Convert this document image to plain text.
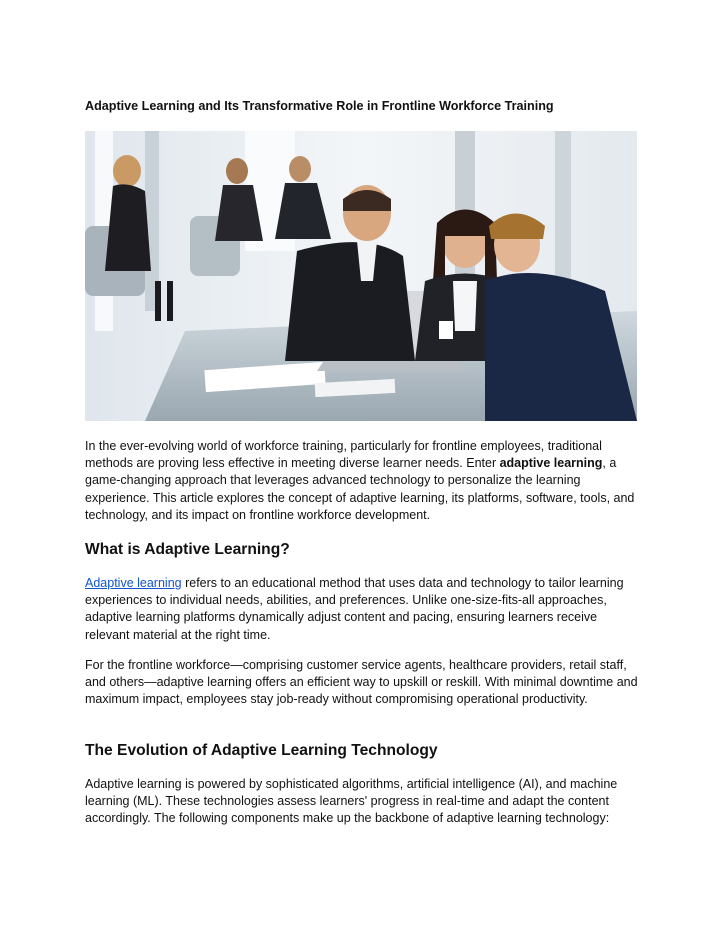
Adaptive Learning and Its Transformative Role in Frontline Workforce Training

In the ever-evolving world of workforce training, particularly for frontline employees, traditional methods are proving less effective in meeting diverse learner needs. Enter adaptive learning, a game-changing approach that leverages advanced technology to personalize the learning experience. This article explores the concept of adaptive learning, its platforms, software, tools, and technology, and its impact on frontline workforce development.

What is Adaptive Learning?

Adaptive learning refers to an educational method that uses data and technology to tailor learning experiences to individual needs, abilities, and preferences. Unlike one-size-fits-all approaches, adaptive learning platforms dynamically adjust content and pacing, ensuring learners receive relevant material at the right time.

For the frontline workforce—comprising customer service agents, healthcare providers, retail staff, and others—adaptive learning offers an efficient way to upskill or reskill. With minimal downtime and maximum impact, employees stay job-ready without compromising operational productivity.

The Evolution of Adaptive Learning Technology

Adaptive learning is powered by sophisticated algorithms, artificial intelligence (AI), and machine learning (ML). These technologies assess learners' progress in real-time and adapt the content accordingly. The following components make up the backbone of adaptive learning technology:
